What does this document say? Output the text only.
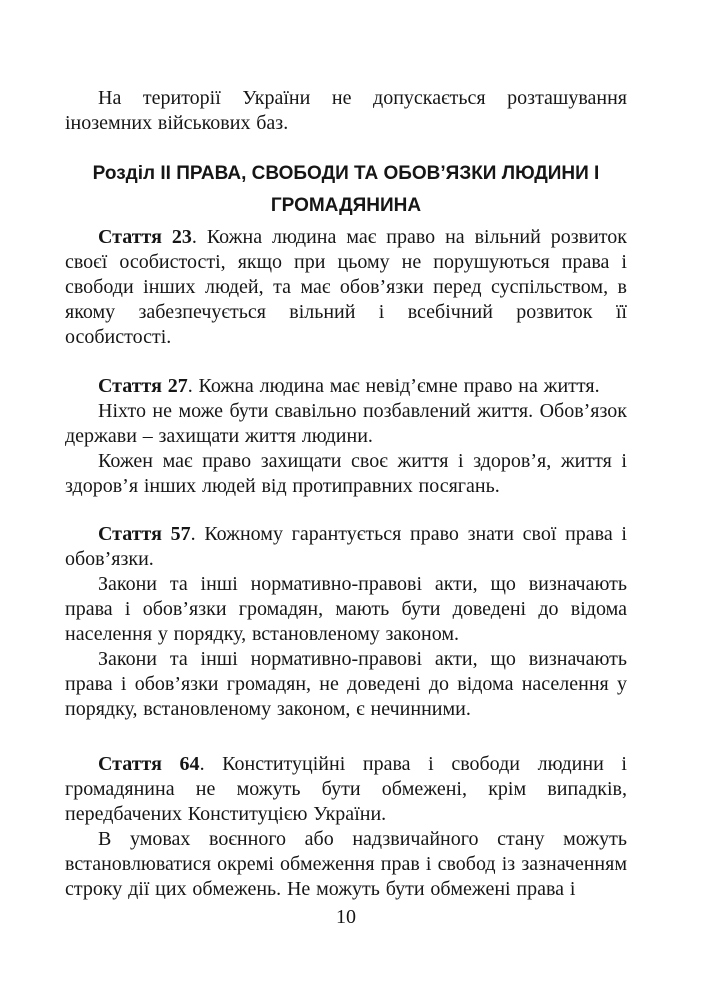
На території України не допускається розташування іноземних військових баз.

Розділ II ПРАВА, СВОБОДИ ТА ОБОВ’ЯЗКИ ЛЮДИНИ І ГРОМАДЯНИНА

Стаття 23. Кожна людина має право на вільний розвиток своєї особистості, якщо при цьому не порушуються права і свободи інших людей, та має обов’язки перед суспільством, в якому забезпечується вільний і всебічний розвиток її особистості.

Стаття 27. Кожна людина має невід’ємне право на життя.

Ніхто не може бути свавільно позбавлений життя. Обов’язок держави – захищати життя людини.

Кожен має право захищати своє життя і здоров’я, життя і здоров’я інших людей від протиправних посягань.

Стаття 57. Кожному гарантується право знати свої права і обов’язки.

Закони та інші нормативно-правові акти, що визначають права і обов’язки громадян, мають бути доведені до відома населення у порядку, встановленому законом.

Закони та інші нормативно-правові акти, що визначають права і обов’язки громадян, не доведені до відома населення у порядку, встановленому законом, є нечинними.

Стаття 64. Конституційні права і свободи людини і громадянина не можуть бути обмежені, крім випадків, передбачених Конституцією України.

В умовах воєнного або надзвичайного стану можуть встановлюватися окремі обмеження прав і свобод із зазначенням строку дії цих обмежень. Не можуть бути обмежені права і

10
